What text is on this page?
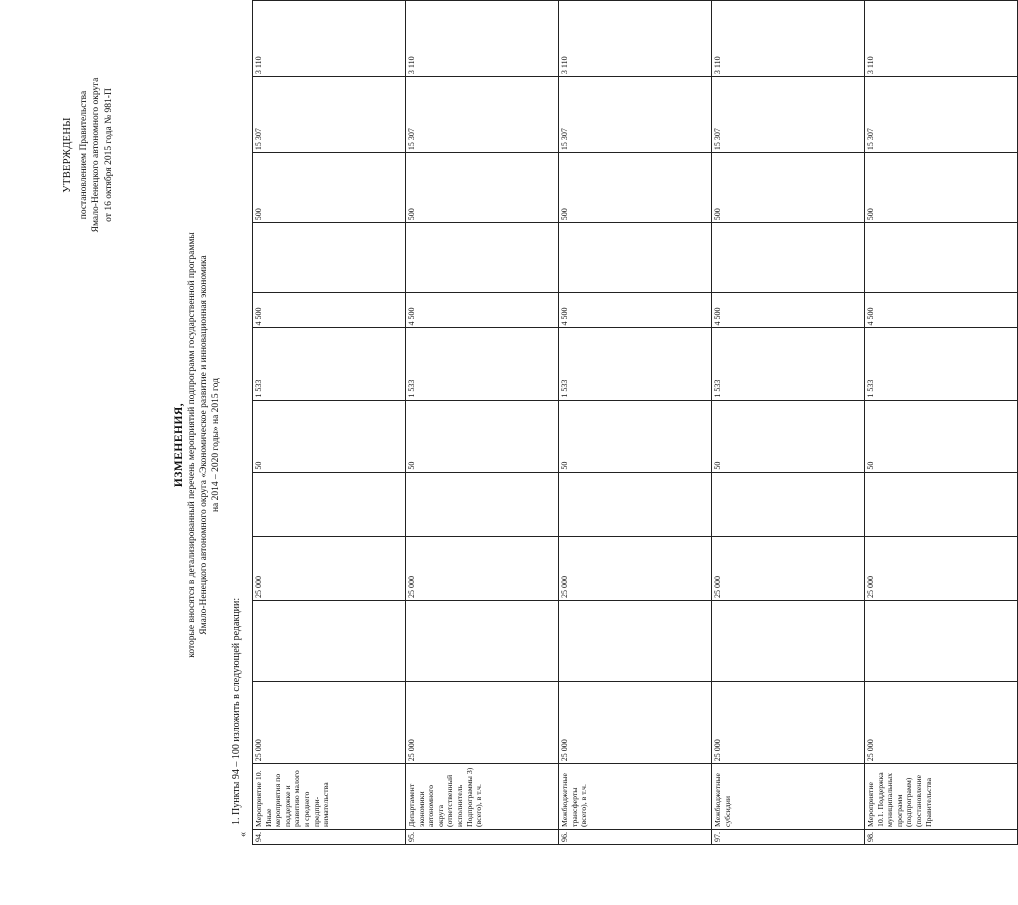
УТВЕРЖДЕНЫ постановлением Правительства Ямало-Ненецкого автономного округа от 16 октября 2015 года № 981-П
ИЗМЕНЕНИЯ, которые вносятся в детализированный перечень мероприятий подпрограмм государственной программы Ямало-Ненецкого автономного округа «Экономическое развитие и инновационная экономика на 2014 – 2020 годы» на 2015 год
1. Пункты 94 – 100 изложить в следующей редакции:
« 94.	Мероприятие 10. Иные мероприятия по поддержке и развитию малого и среднего предпри-нимательства	25 000		25 000		50	1 533	4 500		500	15 307	3 110
95.	Департамент экономики автономного округа (ответственный исполнитель Подпрограммы 3) (всего), в т.ч.	25 000		25 000		50	1 533	4 500		500	15 307	3 110
96.	Межбюджетные трансферты (всего), в т.ч.	25 000		25 000		50	1 533	4 500		500	15 307	3 110
97.	Межбюджетные субсидии	25 000		25 000		50	1 533	4 500		500	15 307	3 110
98.	Мероприятие 10.1. Поддержка муниципальных программ (подпрограмм) (постановление Правительства	25 000		25 000		50	1 533	4 500		500	15 307	3 110
